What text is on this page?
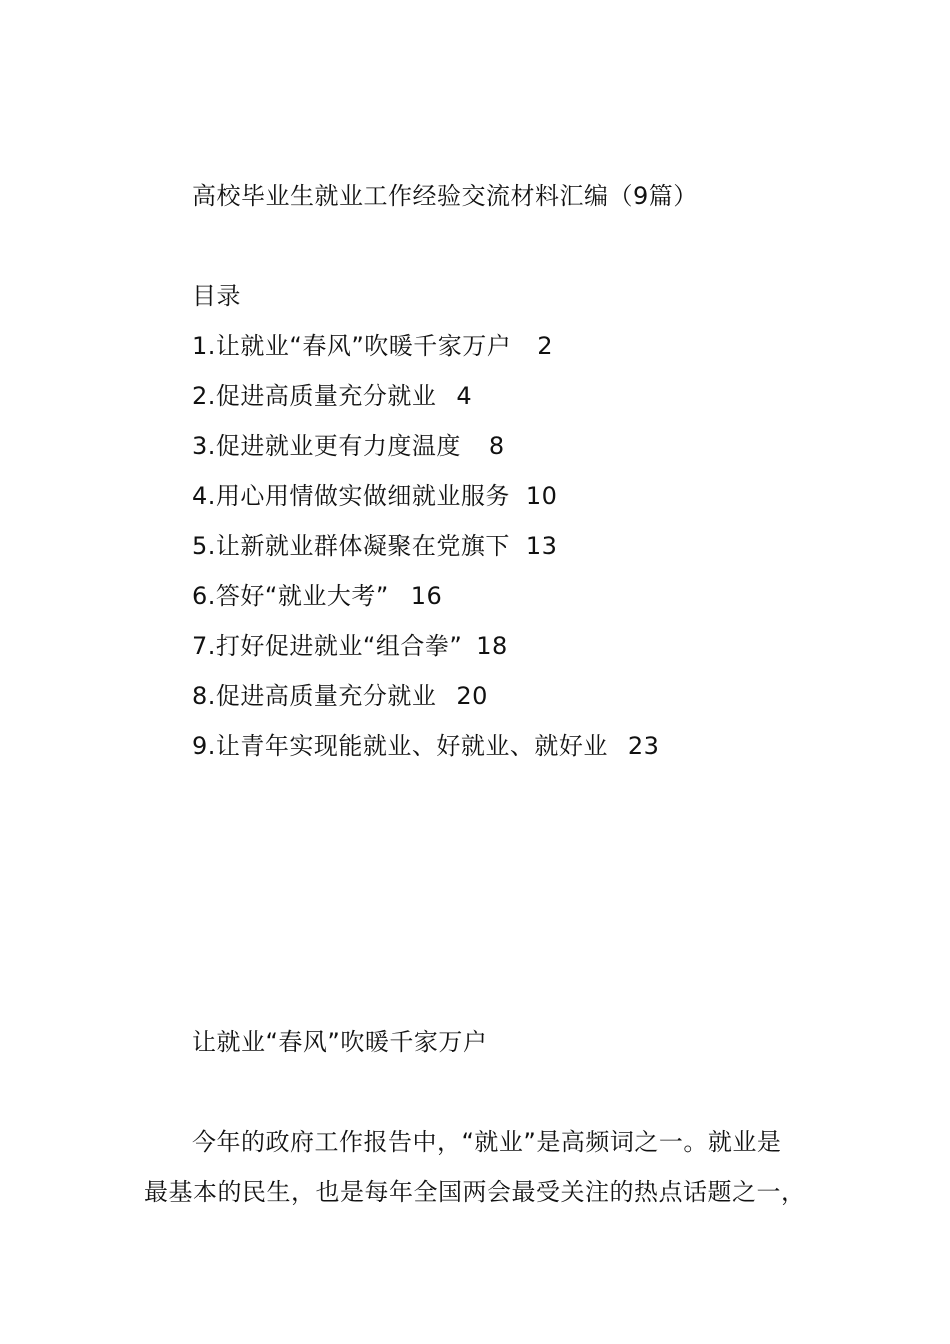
高校毕业生就业工作经验交流材料汇编（9篇）
目录
1.让就业“春风”吹暖千家万户 2
2.促进高质量充分就业 4
3.促进就业更有力度温度 8
4.用心用情做实做细就业服务 10
5.让新就业群体凝聚在党旗下 13
6.答好“就业大考” 16
7.打好促进就业“组合拳” 18
8.促进高质量充分就业 20
9.让青年实现能就业、好就业、就好业 23
让就业“春风”吹暖千家万户
今年的政府工作报告中，“就业”是高频词之一。就业是
最基本的民生，也是每年全国两会最受关注的热点话题之一，
